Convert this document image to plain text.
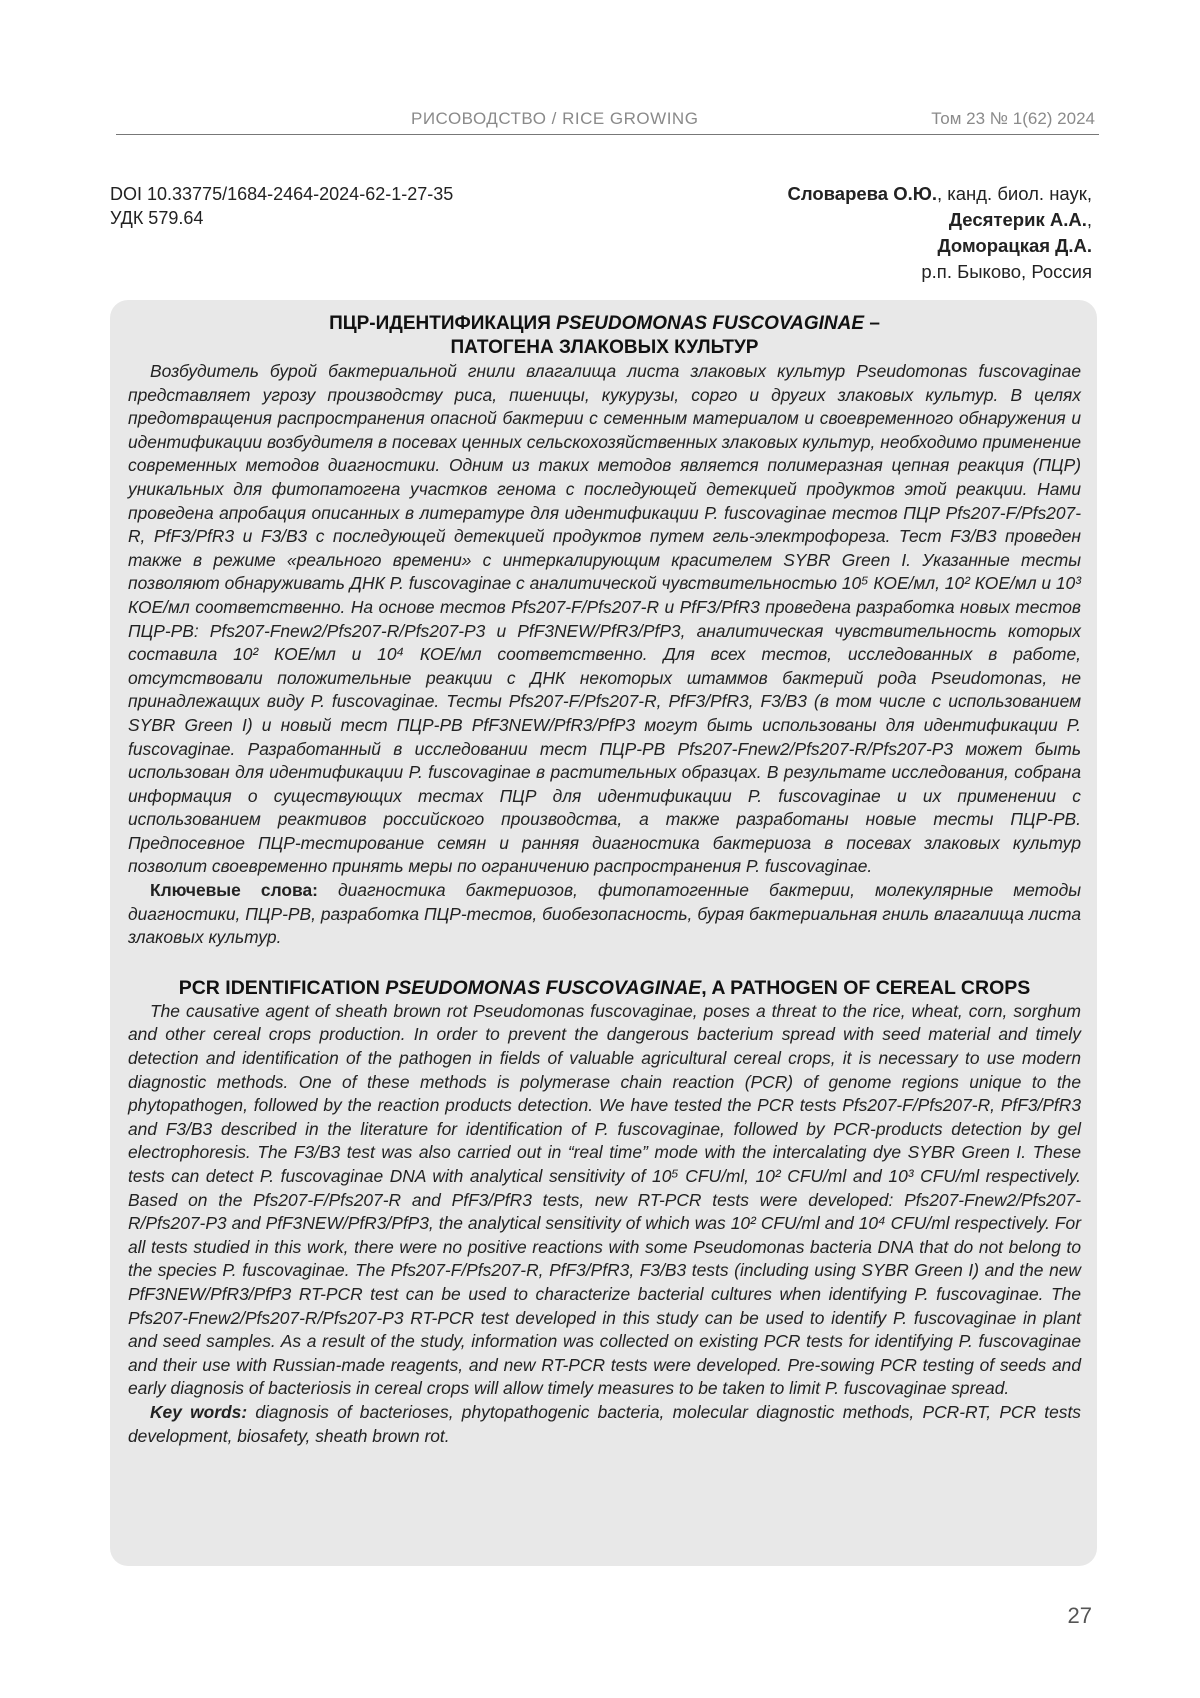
РИСОВОДСТВО / RICE GROWING	Том 23 № 1(62) 2024
DOI 10.33775/1684-2464-2024-62-1-27-35
УДК 579.64
Словарева О.Ю., канд. биол. наук,
Десятерик А.А.,
Доморацкая Д.А.
р.п. Быково, Россия

ПЦР-ИДЕНТИФИКАЦИЯ PSEUDOMONAS FUSCOVAGINAE –
ПАТОГЕНА ЗЛАКОВЫХ КУЛЬТУР

Возбудитель бурой бактериальной гнили влагалища листа злаковых культур Pseudomonas fuscovaginae представляет угрозу производству риса, пшеницы, кукурузы, сорго и других злаковых культур. В целях предотвращения распространения опасной бактерии с семенным материалом и своевременного обнаружения и идентификации возбудителя в посевах ценных сельскохозяйственных злаковых культур, необходимо применение современных методов диагностики. Одним из таких методов является полимеразная цепная реакция (ПЦР) уникальных для фитопатогена участков генома с последующей детекцией продуктов этой реакции. Нами проведена апробация описанных в литературе для идентификации P. fuscovaginae тестов ПЦР Pfs207-F/Pfs207-R, PfF3/PfR3 и F3/B3 с последующей детекцией продуктов путем гель-электрофореза. Тест F3/B3 проведен также в режиме «реального времени» с интеркалирующим красителем SYBR Green I. Указанные тесты позволяют обнаруживать ДНК P. fuscovaginae с аналитической чувствительностью 10⁵ КОЕ/мл, 10² КОЕ/мл и 10³ КОЕ/мл соответственно. На основе тестов Pfs207-F/Pfs207-R и PfF3/PfR3 проведена разработка новых тестов ПЦР-РВ: Pfs207-Fnew2/Pfs207-R/Pfs207-P3 и PfF3NEW/PfR3/PfP3, аналитическая чувствительность которых составила 10² КОЕ/мл и 10⁴ КОЕ/мл соответственно. Для всех тестов, исследованных в работе, отсутствовали положительные реакции с ДНК некоторых штаммов бактерий рода Pseudomonas, не принадлежащих виду P. fuscovaginae. Тесты Pfs207-F/Pfs207-R, PfF3/PfR3, F3/B3 (в том числе с использованием SYBR Green I) и новый тест ПЦР-РВ PfF3NEW/PfR3/PfP3 могут быть использованы для идентификации P. fuscovaginae. Разработанный в исследовании тест ПЦР-РВ Pfs207-Fnew2/Pfs207-R/Pfs207-P3 может быть использован для идентификации P. fuscovaginae в растительных образцах. В результате исследования, собрана информация о существующих тестах ПЦР для идентификации P. fuscovaginae и их применении с использованием реактивов российского производства, а также разработаны новые тесты ПЦР-РВ. Предпосевное ПЦР-тестирование семян и ранняя диагностика бактериоза в посевах злаковых культур позволит своевременно принять меры по ограничению распространения P. fuscovaginae.

Ключевые слова: диагностика бактериозов, фитопатогенные бактерии, молекулярные методы диагностики, ПЦР-РВ, разработка ПЦР-тестов, биобезопасность, бурая бактериальная гниль влагалища листа злаковых культур.

PCR IDENTIFICATION PSEUDOMONAS FUSCOVAGINAE, A PATHOGEN OF CEREAL CROPS

The causative agent of sheath brown rot Pseudomonas fuscovaginae, poses a threat to the rice, wheat, corn, sorghum and other cereal crops production. In order to prevent the dangerous bacterium spread with seed material and timely detection and identification of the pathogen in fields of valuable agricultural cereal crops, it is necessary to use modern diagnostic methods. One of these methods is polymerase chain reaction (PCR) of genome regions unique to the phytopathogen, followed by the reaction products detection. We have tested the PCR tests Pfs207-F/Pfs207-R, PfF3/PfR3 and F3/B3 described in the literature for identification of P. fuscovaginae, followed by PCR-products detection by gel electrophoresis. The F3/B3 test was also carried out in “real time” mode with the intercalating dye SYBR Green I. These tests can detect P. fuscovaginae DNA with analytical sensitivity of 10⁵ CFU/ml, 10² CFU/ml and 10³ CFU/ml respectively. Based on the Pfs207-F/Pfs207-R and PfF3/PfR3 tests, new RT-PCR tests were developed: Pfs207-Fnew2/Pfs207-R/Pfs207-P3 and PfF3NEW/PfR3/PfP3, the analytical sensitivity of which was 10² CFU/ml and 10⁴ CFU/ml respectively. For all tests studied in this work, there were no positive reactions with some Pseudomonas bacteria DNA that do not belong to the species P. fuscovaginae. The Pfs207-F/Pfs207-R, PfF3/PfR3, F3/B3 tests (including using SYBR Green I) and the new PfF3NEW/PfR3/PfP3 RT-PCR test can be used to characterize bacterial cultures when identifying P. fuscovaginae. The Pfs207-Fnew2/Pfs207-R/Pfs207-P3 RT-PCR test developed in this study can be used to identify P. fuscovaginae in plant and seed samples. As a result of the study, information was collected on existing PCR tests for identifying P. fuscovaginae and their use with Russian-made reagents, and new RT-PCR tests were developed. Pre-sowing PCR testing of seeds and early diagnosis of bacteriosis in cereal crops will allow timely measures to be taken to limit P. fuscovaginae spread.

Key words: diagnosis of bacterioses, phytopathogenic bacteria, molecular diagnostic methods, PCR-RT, PCR tests development, biosafety, sheath brown rot.

27
